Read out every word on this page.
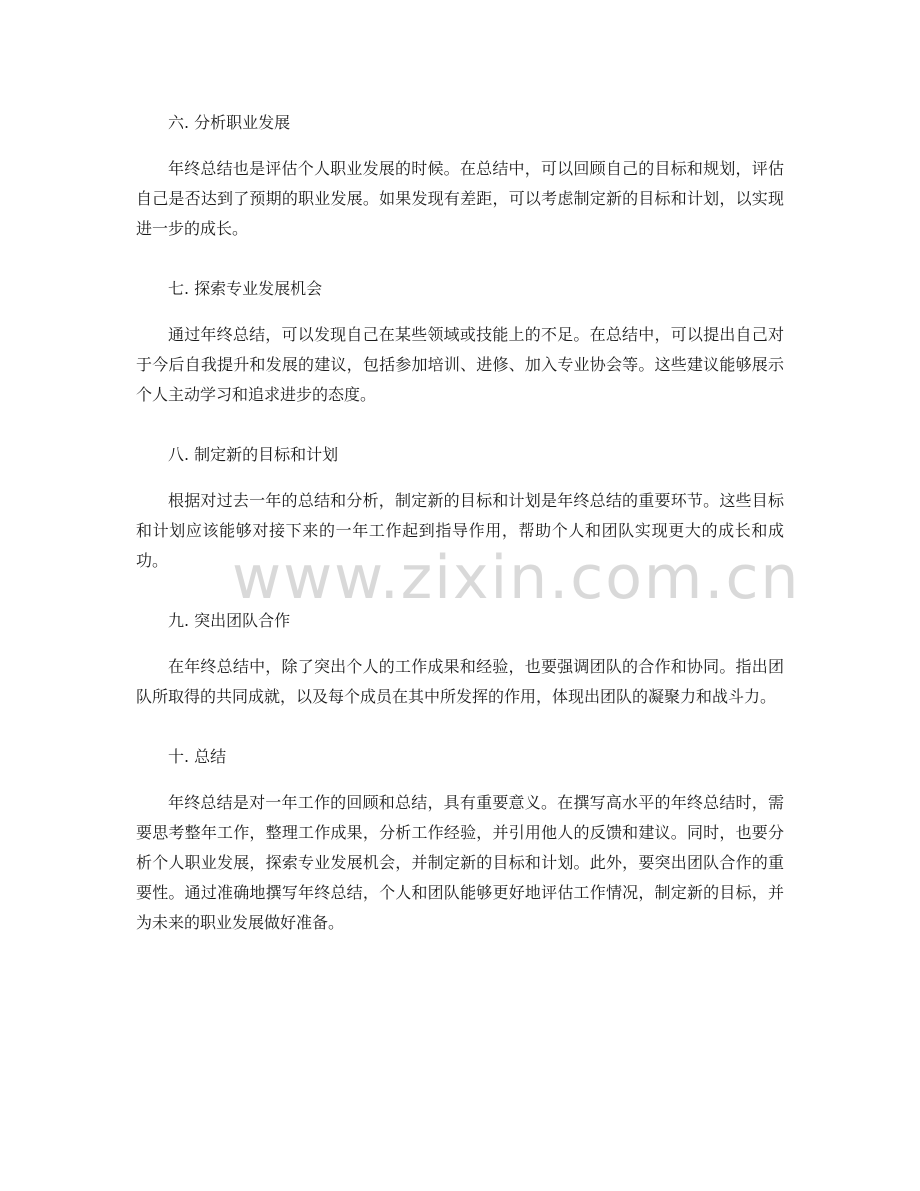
六. 分析职业发展

年终总结也是评估个人职业发展的时候。在总结中，可以回顾自己的目标和规划，评估自己是否达到了预期的职业发展。如果发现有差距，可以考虑制定新的目标和计划，以实现进一步的成长。

七. 探索专业发展机会

通过年终总结，可以发现自己在某些领域或技能上的不足。在总结中，可以提出自己对于今后自我提升和发展的建议，包括参加培训、进修、加入专业协会等。这些建议能够展示个人主动学习和追求进步的态度。

八. 制定新的目标和计划

根据对过去一年的总结和分析，制定新的目标和计划是年终总结的重要环节。这些目标和计划应该能够对接下来的一年工作起到指导作用，帮助个人和团队实现更大的成长和成功。

九. 突出团队合作

在年终总结中，除了突出个人的工作成果和经验，也要强调团队的合作和协同。指出团队所取得的共同成就，以及每个成员在其中所发挥的作用，体现出团队的凝聚力和战斗力。

十. 总结

年终总结是对一年工作的回顾和总结，具有重要意义。在撰写高水平的年终总结时，需要思考整年工作，整理工作成果，分析工作经验，并引用他人的反馈和建议。同时，也要分析个人职业发展，探索专业发展机会，并制定新的目标和计划。此外，要突出团队合作的重要性。通过准确地撰写年终总结，个人和团队能够更好地评估工作情况，制定新的目标，并为未来的职业发展做好准备。

www.zixin.com.cn
